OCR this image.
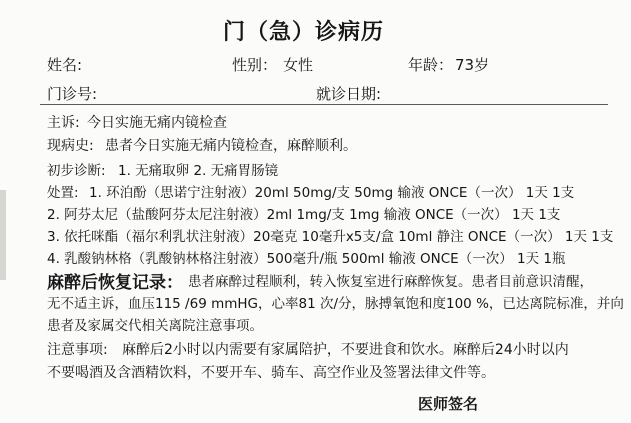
门（急）诊病历
姓名:	性别： 女性	年龄： 73岁
门诊号:	就诊日期:
主诉: 今日实施无痛内镜检查
现病史: 患者今日实施无痛内镜检查，麻醉顺利。
初步诊断: 1. 无痛取卵 2. 无痛胃肠镜
处置: 1. 环泊酚（思诺宁注射液）20ml 50mg/支 50mg 输液 ONCE（一次） 1天 1支
2. 阿芬太尼（盐酸阿芬太尼注射液）2ml 1mg/支 1mg 输液 ONCE（一次） 1天 1支
3. 依托咪酯（福尔利乳状注射液）20毫克 10毫升x5支/盒 10ml 静注 ONCE（一次） 1天 1支
4. 乳酸钠林格（乳酸钠林格注射液）500毫升/瓶 500ml 输液 ONCE（一次） 1天 1瓶
麻醉后恢复记录： 患者麻醉过程顺利，转入恢复室进行麻醉恢复。患者目前意识清醒，
无不适主诉，血压115 /69 mmHG，心率81 次/分，脉搏氧饱和度100 %，已达离院标准，并向
患者及家属交代相关离院注意事项。
注意事项: 麻醉后2小时以内需要有家属陪护，不要进食和饮水。麻醉后24小时以内
不要喝酒及含酒精饮料，不要开车、骑车、高空作业及签署法律文件等。
医师签名
